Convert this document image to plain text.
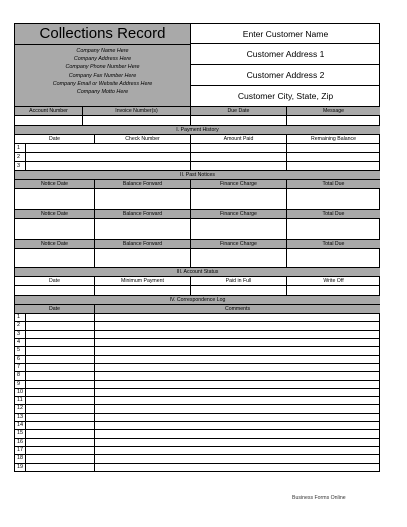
Collections Record
Company Name Here
Company Address Here
Company Phone Number Here
Company Fax Number Here
Company Email or Website Address Here
Company Motto Here
Enter Customer Name
Customer Address 1
Customer Address 2
Customer City, State, Zip
Account Number	Invoice Number(s)	Due Date	Message
I. Payment History
Date	Check Number	Amount Paid	Remaining Balance
1
2
3
II. Past Notices
Notice Date	Balance Forward	Finance Charge	Total Due
Notice Date	Balance Forward	Finance Charge	Total Due
Notice Date	Balance Forward	Finance Charge	Total Due
III. Account Status
Date	Minimum Payment	Paid in Full	Write Off
IV. Correspondence Log
Date	Comments
1
2
3
4
5
6
7
8
9
10
11
12
13
14
15
16
17
18
19
Business Forms Online
